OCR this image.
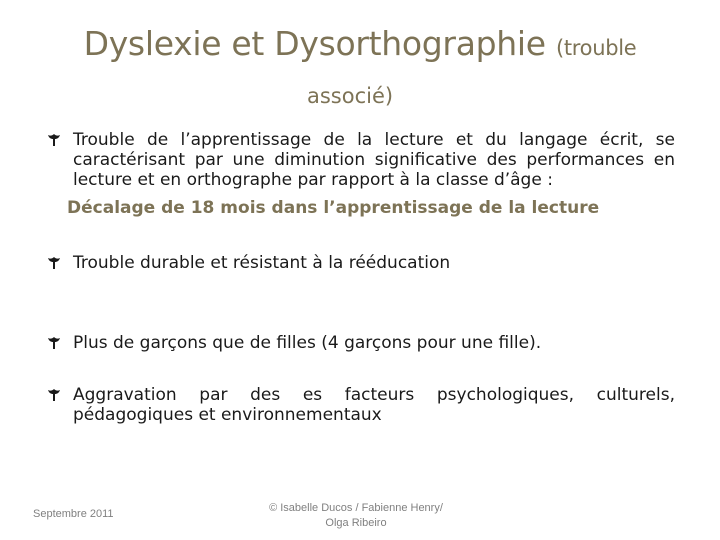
Dyslexie et Dysorthographie (trouble
associé)
Trouble de l’apprentissage de la lecture et du langage écrit, se caractérisant par une diminution significative des performances en lecture et en orthographe par rapport à la classe d’âge :
Décalage de 18 mois dans l’apprentissage de la lecture
Trouble durable et résistant à la rééducation
Plus de garçons que de filles (4 garçons pour une fille).
Aggravation par des es facteurs psychologiques, culturels, pédagogiques et environnementaux
Septembre 2011	© Isabelle Ducos / Fabienne Henry/
Olga Ribeiro
